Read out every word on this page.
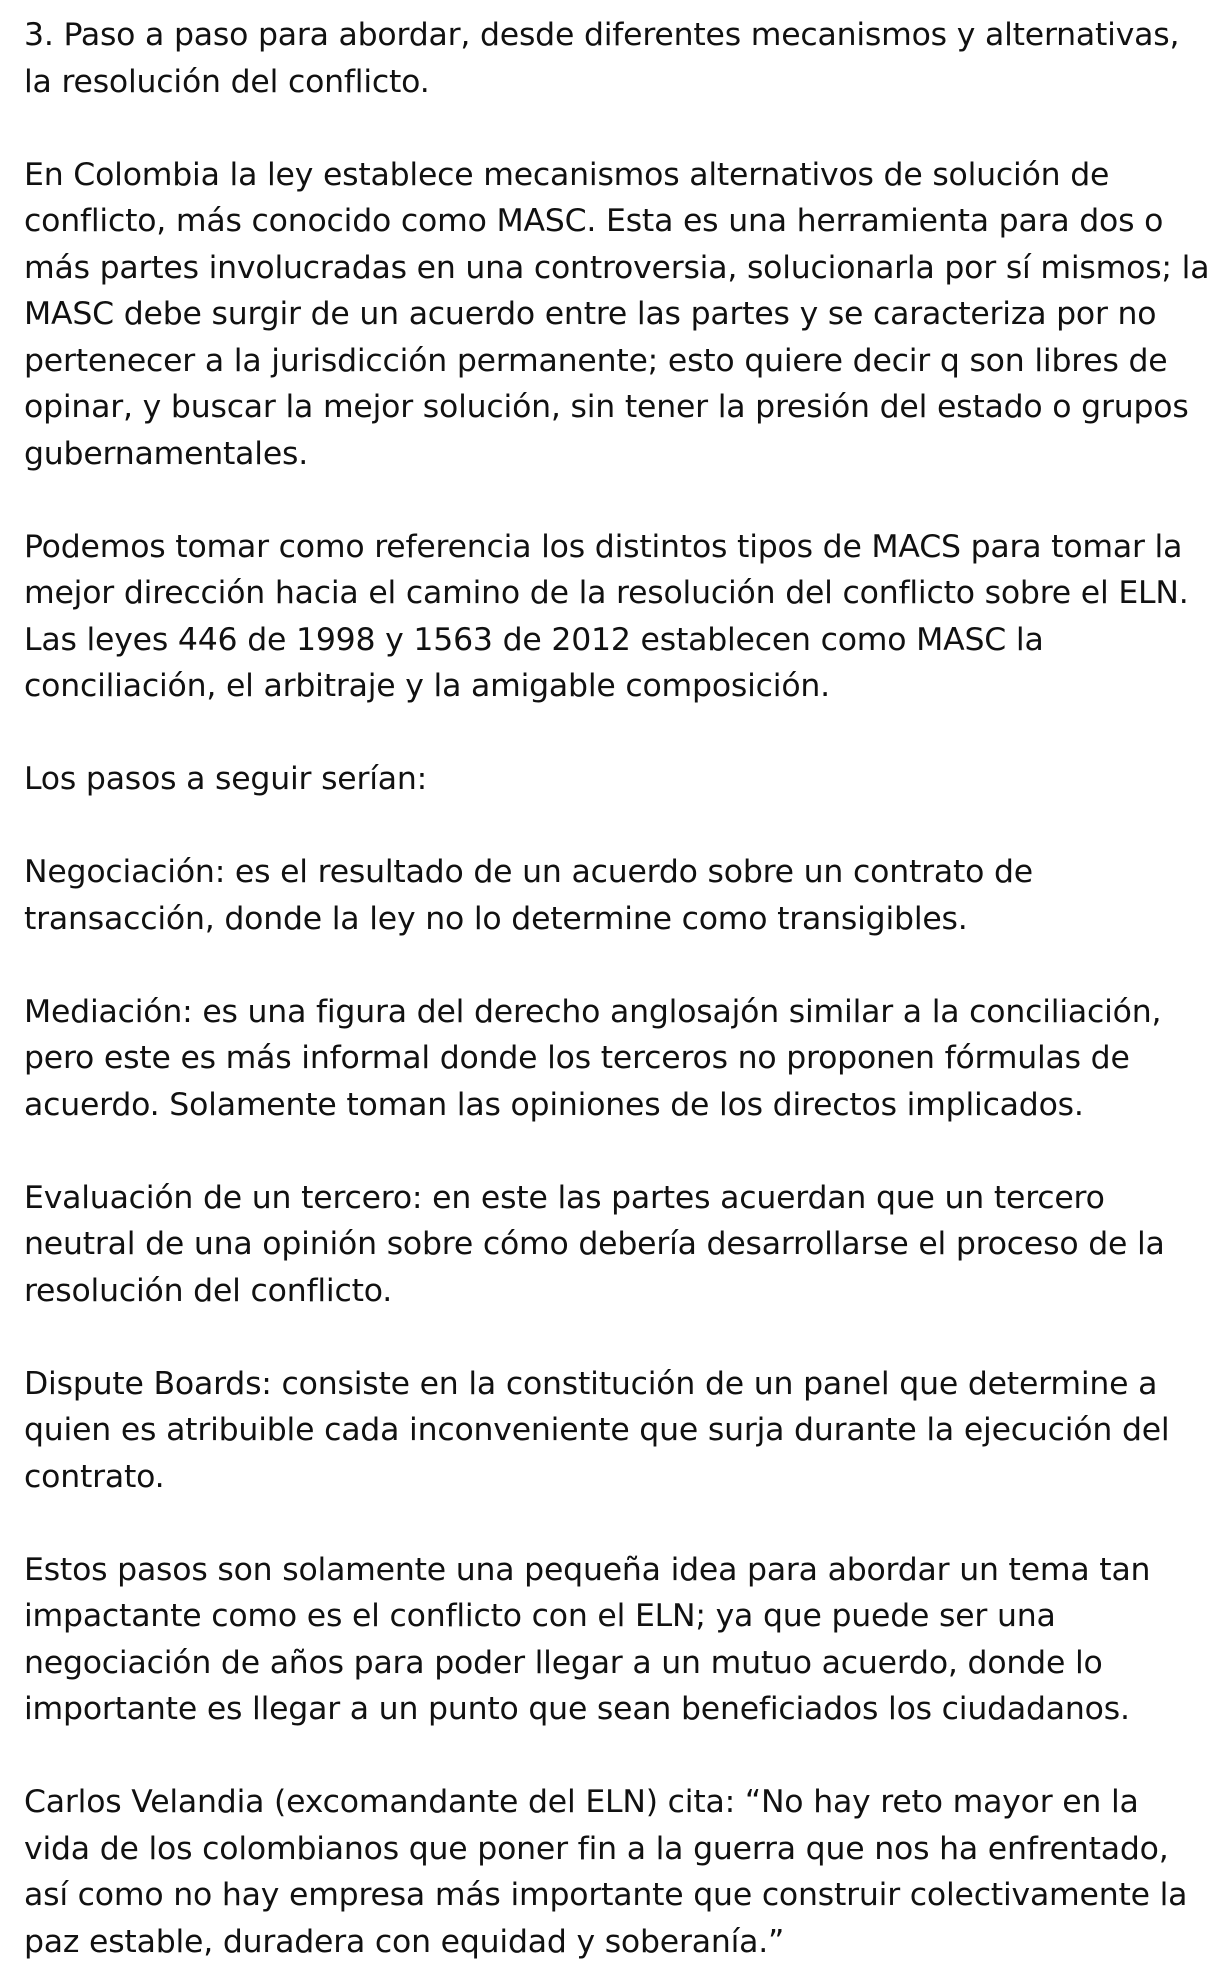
3. Paso a paso para abordar, desde diferentes mecanismos y alternativas, la resolución del conflicto.

En Colombia la ley establece mecanismos alternativos de solución de conflicto, más conocido como MASC. Esta es una herramienta para dos o más partes involucradas en una controversia, solucionarla por sí mismos; la MASC debe surgir de un acuerdo entre las partes y se caracteriza por no pertenecer a la jurisdicción permanente; esto quiere decir q son libres de opinar, y buscar la mejor solución, sin tener la presión del estado o grupos gubernamentales.

Podemos tomar como referencia los distintos tipos de MACS para tomar la mejor dirección hacia el camino de la resolución del conflicto sobre el ELN. Las leyes 446 de 1998 y 1563 de 2012 establecen como MASC la conciliación, el arbitraje y la amigable composición.

Los pasos a seguir serían:

Negociación: es el resultado de un acuerdo sobre un contrato de transacción, donde la ley no lo determine como transigibles.

Mediación: es una figura del derecho anglosajón similar a la conciliación, pero este es más informal donde los terceros no proponen fórmulas de acuerdo. Solamente toman las opiniones de los directos implicados.

Evaluación de un tercero: en este las partes acuerdan que un tercero neutral de una opinión sobre cómo debería desarrollarse el proceso de la resolución del conflicto.

Dispute Boards: consiste en la constitución de un panel que determine a quien es atribuible cada inconveniente que surja durante la ejecución del contrato.

Estos pasos son solamente una pequeña idea para abordar un tema tan impactante como es el conflicto con el ELN; ya que puede ser una negociación de años para poder llegar a un mutuo acuerdo, donde lo importante es llegar a un punto que sean beneficiados los ciudadanos.

Carlos Velandia (excomandante del ELN) cita: “No hay reto mayor en la vida de los colombianos que poner fin a la guerra que nos ha enfrentado, así como no hay empresa más importante que construir colectivamente la paz estable, duradera con equidad y soberanía.”
